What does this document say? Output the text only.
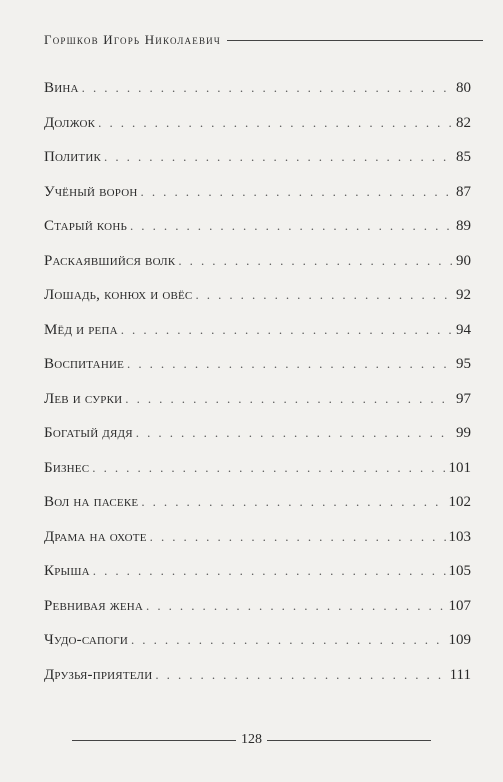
Горшков Игорь Николаевич
Вина . . .	80
Должок . . .	82
Политик . . .	85
Учёный ворон . . .	87
Старый конь . . .	89
Раскаявшийся волк . . .	90
Лошадь, конюх и овёс . . .	92
Мёд и репа . . .	94
Воспитание . . .	95
Лев и сурки . . .	97
Богатый дядя . . .	99
Бизнес . . .	101
Вол на пасеке . . .	102
Драма на охоте . . .	103
Крыша . . .	105
Ревнивая жена . . .	107
Чудо-сапоги . . .	109
Друзья-приятели . . .	111
128
